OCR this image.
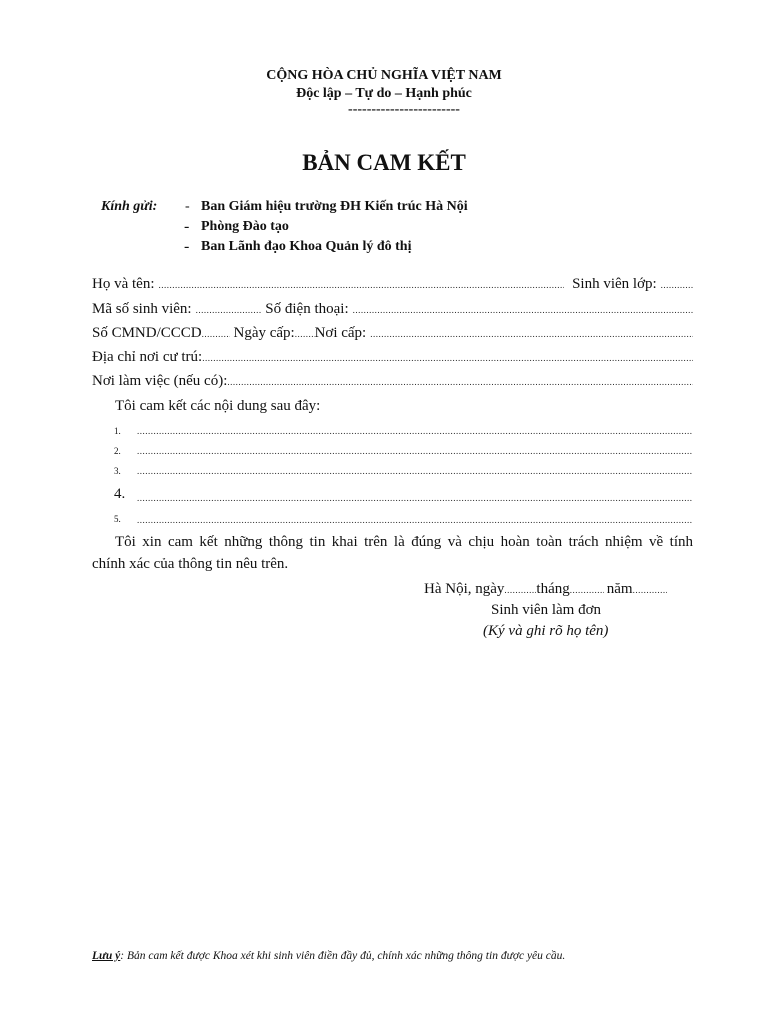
CỘNG HÒA CHỦ NGHĨA VIỆT NAM
Độc lập – Tự do – Hạnh phúc
------------------------
BẢN CAM KẾT
Kính gửi: - Ban Giám hiệu trường ĐH Kiến trúc Hà Nội
- Phòng Đào tạo
- Ban Lãnh đạo Khoa Quản lý đô thị
Họ và tên: .....	Sinh viên lớp:
.....
Mã số sinh viên: .....	Số điện thoại:
.....
Số CMND/CCCD ..... Ngày cấp: ..... Nơi cấp:
.....
Địa chỉ nơi cư trú:
.....
Nơi làm việc (nếu có):
.....
Tôi cam kết các nội dung sau đây:
1.
.....
2.
.....
3.
.....
4.
.....
5.
.....
Tôi xin cam kết những thông tin khai trên là đúng và chịu hoàn toàn trách nhiệm về tính
chính xác của thông tin nêu trên.
Hà Nội, ngày ..... tháng ..... năm
.....
Sinh viên làm đơn
(Ký và ghi rõ họ tên)
Lưu ý: Bản cam kết được Khoa xét khi sinh viên điền đầy đủ, chính xác những thông tin được yêu cầu.
